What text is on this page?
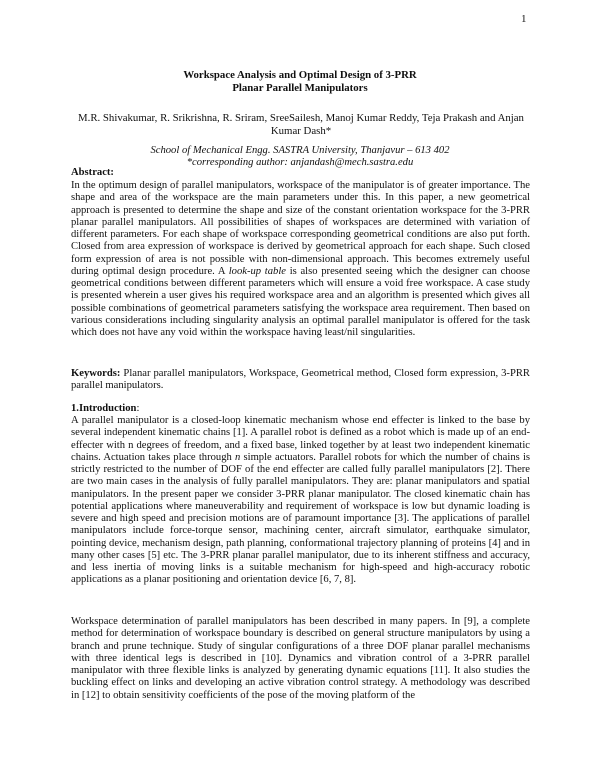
1
Workspace Analysis and Optimal Design of 3-PRR
Planar Parallel Manipulators
M.R. Shivakumar, R. Srikrishna, R. Sriram, SreeSailesh, Manoj Kumar Reddy, Teja Prakash and Anjan Kumar Dash*
School of Mechanical Engg. SASTRA University, Thanjavur – 613 402
*corresponding author: anjandash@mech.sastra.edu
Abstract:
In the optimum design of parallel manipulators, workspace of the manipulator is of greater importance. The shape and area of the workspace are the main parameters under this. In this paper, a new geometrical approach is presented to determine the shape and size of the constant orientation workspace for the 3-PRR planar parallel manipulators. All possibilities of shapes of workspaces are determined with variation of different parameters. For each shape of workspace corresponding geometrical conditions are also put forth. Closed from area expression of workspace is derived by geometrical approach for each shape. Such closed form expression of area is not possible with non-dimensional approach. This becomes extremely useful during optimal design procedure. A look-up table is also presented seeing which the designer can choose geometrical conditions between different parameters which will ensure a void free workspace. A case study is presented wherein a user gives his required workspace area and an algorithm is presented which gives all possible combinations of geometrical parameters satisfying the workspace area requirement. Then based on various considerations including singularity analysis an optimal parallel manipulator is offered for the task which does not have any void within the workspace having least/nil singularities.
Keywords: Planar parallel manipulators, Workspace, Geometrical method, Closed form expression, 3-PRR parallel manipulators.
1.Introduction:
A parallel manipulator is a closed-loop kinematic mechanism whose end effecter is linked to the base by several independent kinematic chains [1]. A parallel robot is defined as a robot which is made up of an end-effecter with n degrees of freedom, and a fixed base, linked together by at least two independent kinematic chains. Actuation takes place through n simple actuators. Parallel robots for which the number of chains is strictly restricted to the number of DOF of the end effecter are called fully parallel manipulators [2]. There are two main cases in the analysis of fully parallel manipulators. They are: planar manipulators and spatial manipulators. In the present paper we consider 3-PRR planar manipulator. The closed kinematic chain has potential applications where maneuverability and requirement of workspace is low but dynamic loading is severe and high speed and precision motions are of paramount importance [3]. The applications of parallel manipulators include force-torque sensor, machining center, aircraft simulator, earthquake simulator, pointing device, mechanism design, path planning, conformational trajectory planning of proteins [4] and in many other cases [5] etc. The 3-PRR planar parallel manipulator, due to its inherent stiffness and accuracy, and less inertia of moving links is a suitable mechanism for high-speed and high-accuracy robotic applications as a planar positioning and orientation device [6, 7, 8].
Workspace determination of parallel manipulators has been described in many papers. In [9], a complete method for determination of workspace boundary is described on general structure manipulators by using a branch and prune technique. Study of singular configurations of a three DOF planar parallel mechanisms with three identical legs is described in [10]. Dynamics and vibration control of a 3-PRR parallel manipulator with three flexible links is analyzed by generating dynamic equations [11]. It also studies the buckling effect on links and developing an active vibration control strategy. A methodology was described in [12] to obtain sensitivity coefficients of the pose of the moving platform of the
